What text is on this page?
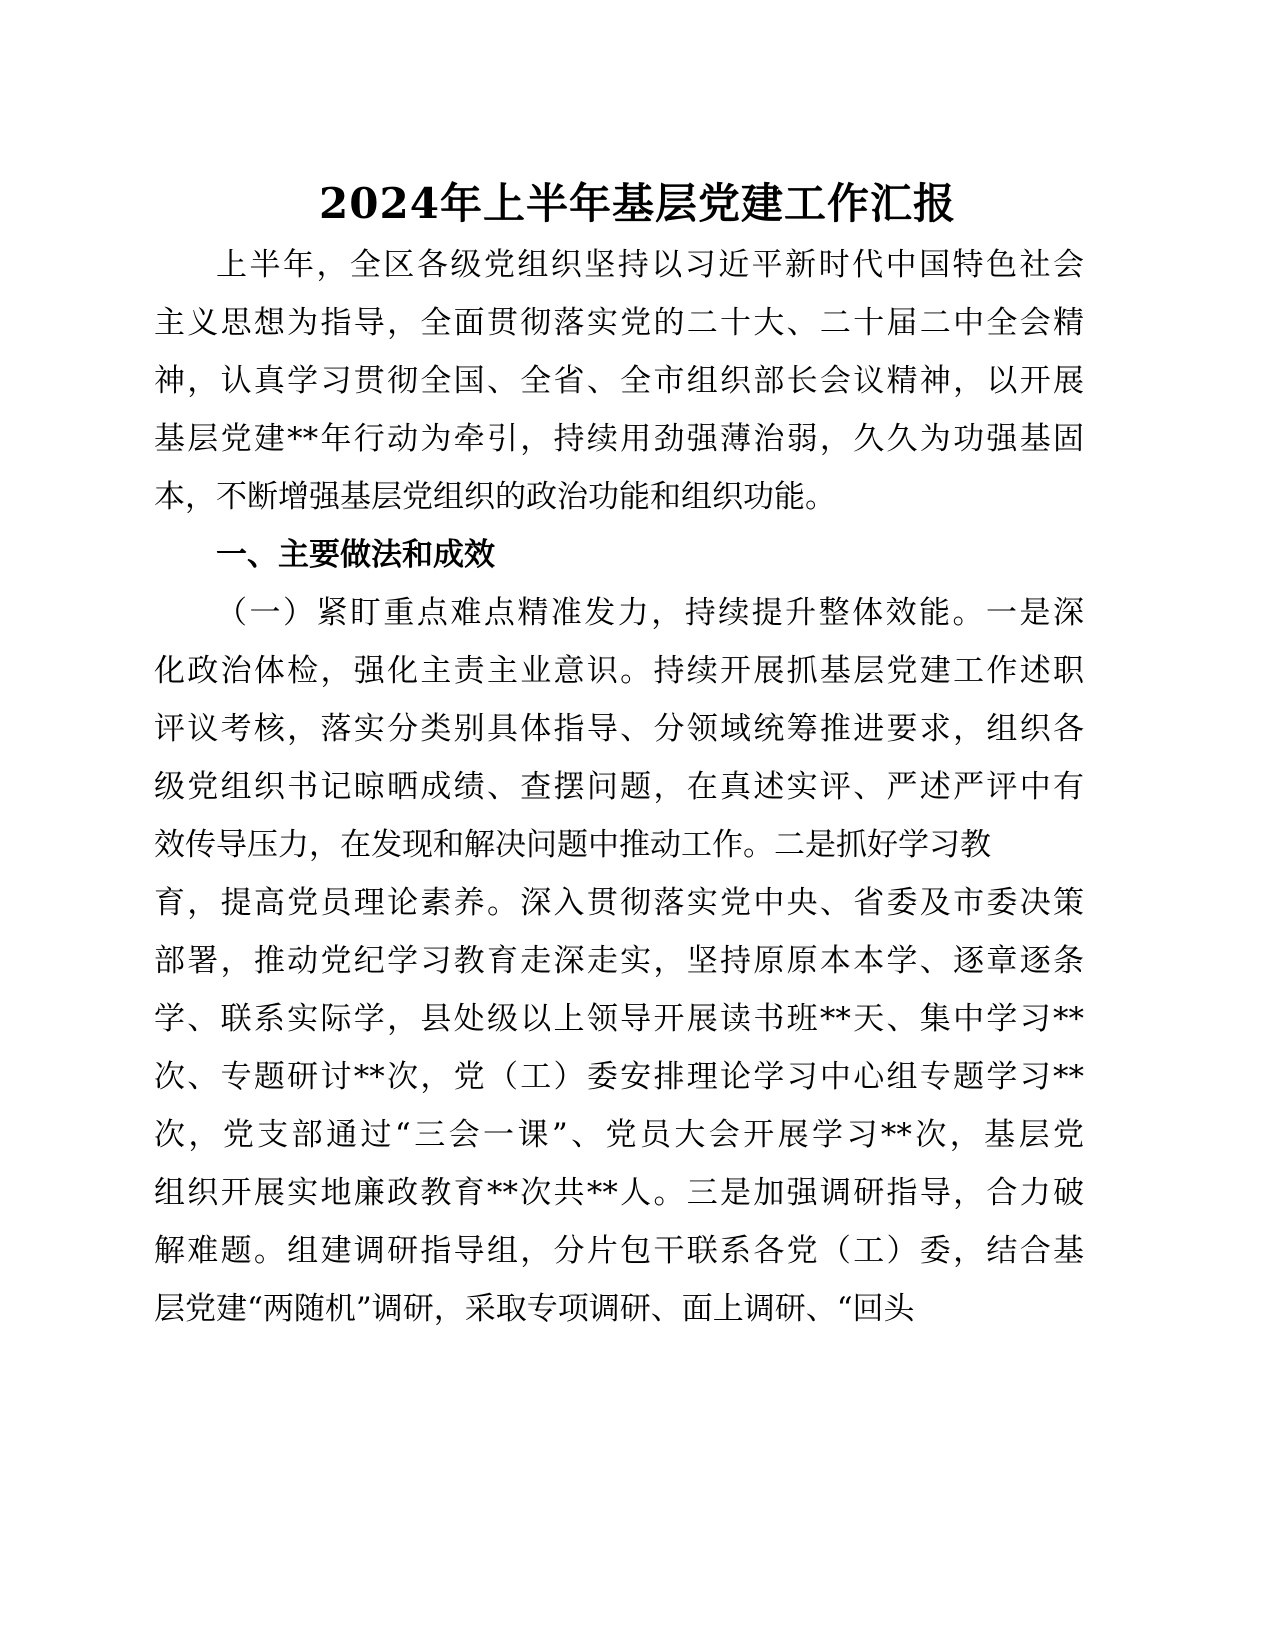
2024年上半年基层党建工作汇报
上半年，全区各级党组织坚持以习近平新时代中国特色社会
主义思想为指导，全面贯彻落实党的二十大、二十届二中全会精
神，认真学习贯彻全国、全省、全市组织部长会议精神，以开展
基层党建**年行动为牵引，持续用劲强薄治弱，久久为功强基固
本，不断增强基层党组织的政治功能和组织功能。
一、主要做法和成效
（一）紧盯重点难点精准发力，持续提升整体效能。一是深
化政治体检，强化主责主业意识。持续开展抓基层党建工作述职
评议考核，落实分类别具体指导、分领域统筹推进要求，组织各
级党组织书记晾晒成绩、查摆问题，在真述实评、严述严评中有
效传导压力，在发现和解决问题中推动工作。二是抓好学习教
育，提高党员理论素养。深入贯彻落实党中央、省委及市委决策
部署，推动党纪学习教育走深走实，坚持原原本本学、逐章逐条
学、联系实际学，县处级以上领导开展读书班**天、集中学习**
次、专题研讨**次，党（工）委安排理论学习中心组专题学习**
次，党支部通过“三会一课”、党员大会开展学习**次，基层党
组织开展实地廉政教育**次共**人。三是加强调研指导，合力破
解难题。组建调研指导组，分片包干联系各党（工）委，结合基
层党建“两随机”调研，采取专项调研、面上调研、“回头
